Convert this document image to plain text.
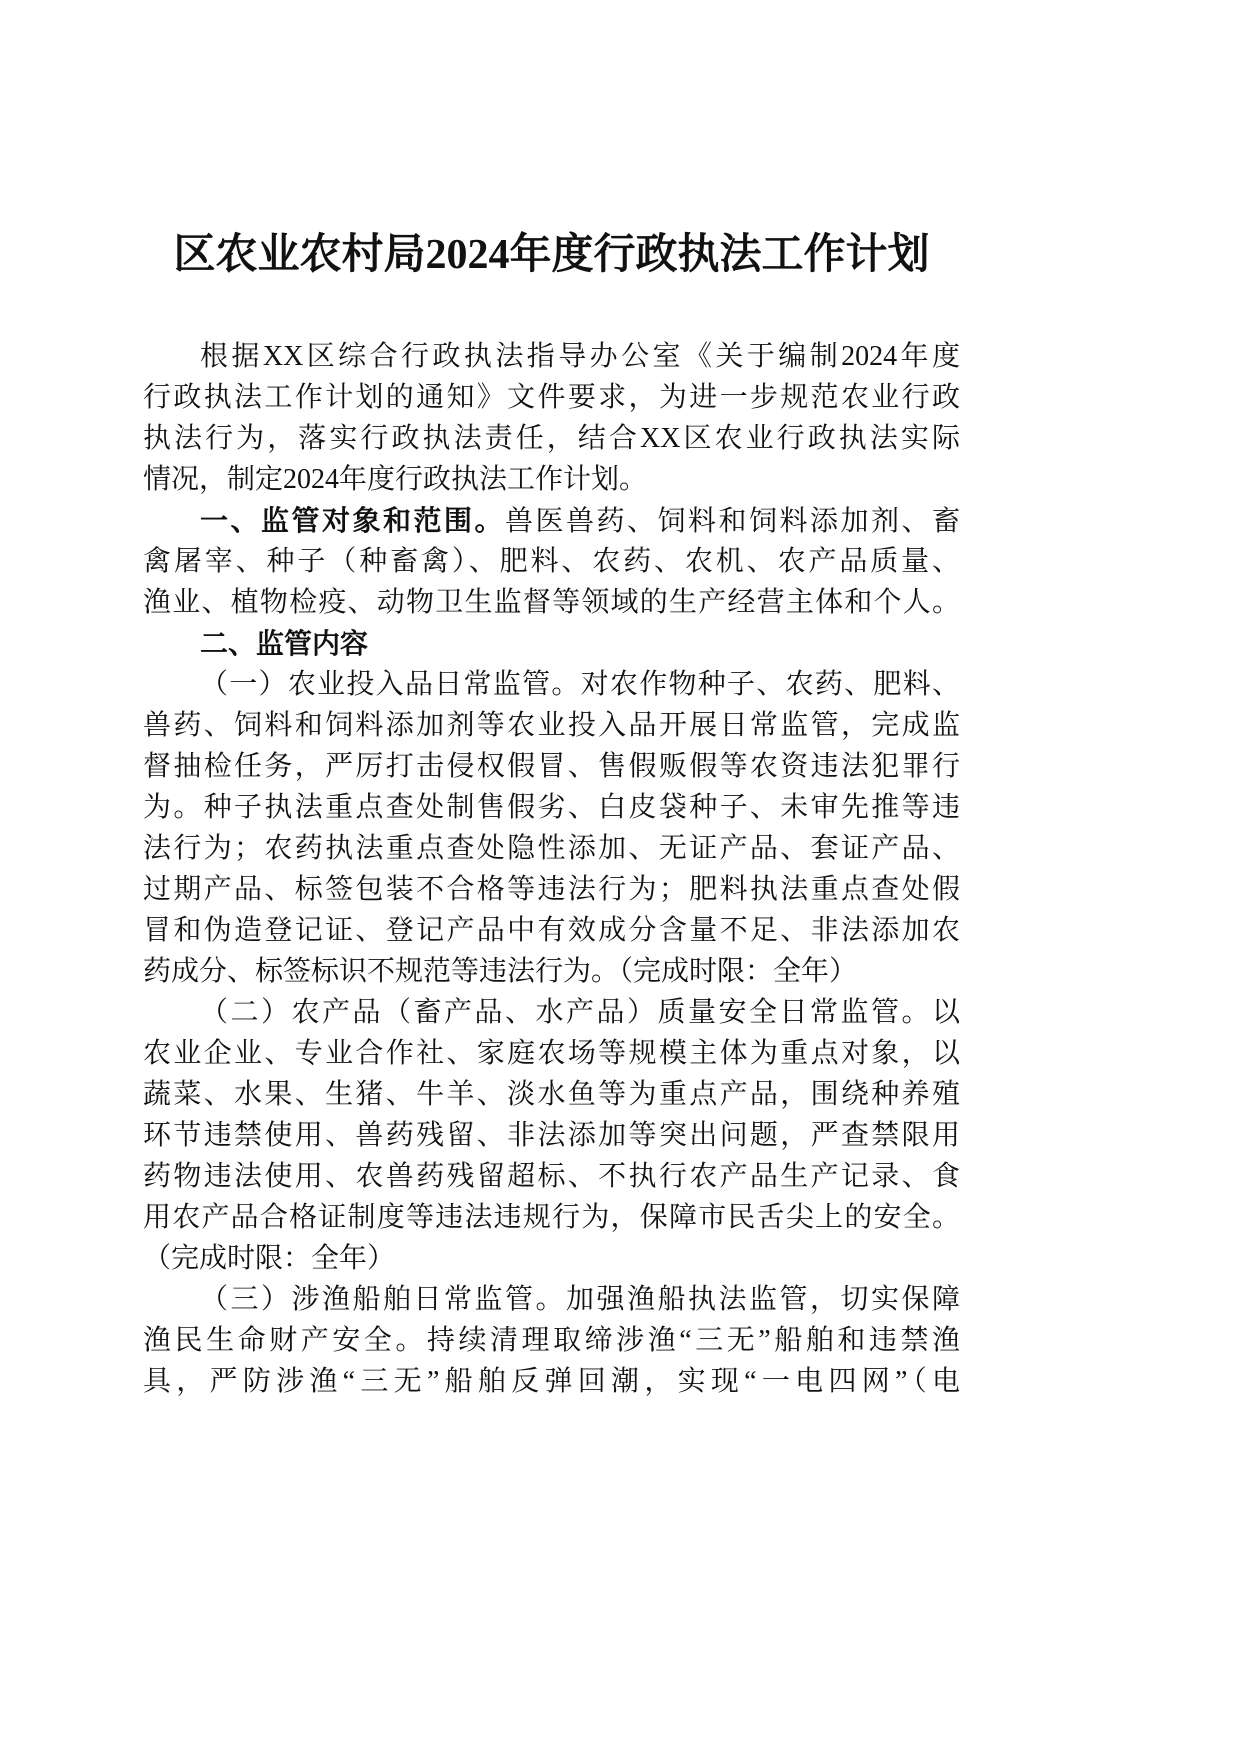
区农业农村局2024年度行政执法工作计划
根据XX区综合行政执法指导办公室《关于编制2024年度
行政执法工作计划的通知》文件要求，为进一步规范农业行政
执法行为，落实行政执法责任，结合XX区农业行政执法实际
情况，制定2024年度行政执法工作计划。
一、监管对象和范围。兽医兽药、饲料和饲料添加剂、畜
禽屠宰、种子（种畜禽）、肥料、农药、农机、农产品质量、
渔业、植物检疫、动物卫生监督等领域的生产经营主体和个人。
二、监管内容
（一）农业投入品日常监管。对农作物种子、农药、肥料、
兽药、饲料和饲料添加剂等农业投入品开展日常监管，完成监
督抽检任务，严厉打击侵权假冒、售假贩假等农资违法犯罪行
为。种子执法重点查处制售假劣、白皮袋种子、未审先推等违
法行为；农药执法重点查处隐性添加、无证产品、套证产品、
过期产品、标签包装不合格等违法行为；肥料执法重点查处假
冒和伪造登记证、登记产品中有效成分含量不足、非法添加农
药成分、标签标识不规范等违法行为。（完成时限：全年）
（二）农产品（畜产品、水产品）质量安全日常监管。以
农业企业、专业合作社、家庭农场等规模主体为重点对象，以
蔬菜、水果、生猪、牛羊、淡水鱼等为重点产品，围绕种养殖
环节违禁使用、兽药残留、非法添加等突出问题，严查禁限用
药物违法使用、农兽药残留超标、不执行农产品生产记录、食
用农产品合格证制度等违法违规行为，保障市民舌尖上的安全。
（完成时限：全年）
（三）涉渔船舶日常监管。加强渔船执法监管，切实保障
渔民生命财产安全。持续清理取缔涉渔“三无”船舶和违禁渔
具，严防涉渔“三无”船舶反弹回潮，实现“一电四网”（电
